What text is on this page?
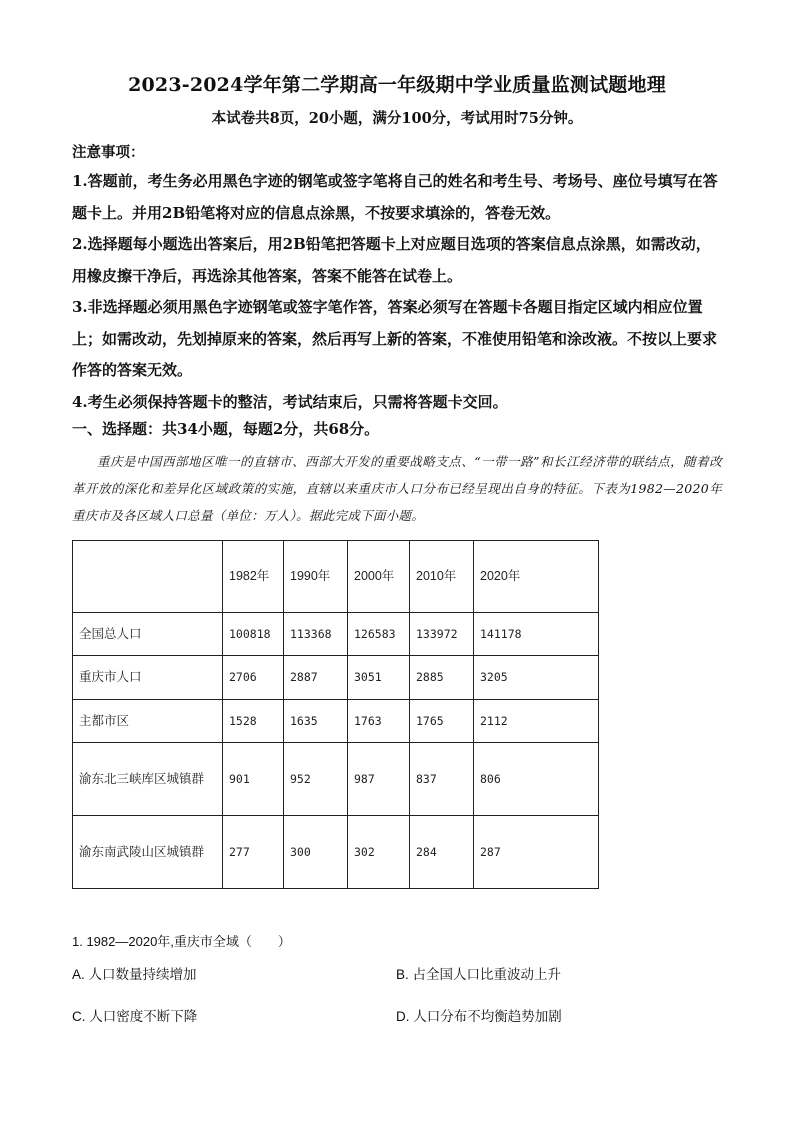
2023-2024学年第二学期高一年级期中学业质量监测试题地理
本试卷共8页，20小题，满分100分，考试用时75分钟。
注意事项：

1.答题前，考生务必用黑色字迹的钢笔或签字笔将自己的姓名和考生号、考场号、座位号填写在答题卡上。并用2B铅笔将对应的信息点涂黑，不按要求填涂的，答卷无效。

2.选择题每小题选出答案后，用2B铅笔把答题卡上对应题目选项的答案信息点涂黑，如需改动，用橡皮擦干净后，再选涂其他答案，答案不能答在试卷上。

3.非选择题必须用黑色字迹钢笔或签字笔作答，答案必须写在答题卡各题目指定区域内相应位置上；如需改动，先划掉原来的答案，然后再写上新的答案，不准使用铅笔和涂改液。不按以上要求作答的答案无效。

4.考生必须保持答题卡的整洁，考试结束后，只需将答题卡交回。

一、选择题：共34小题，每题2分，共68分。
重庆是中国西部地区唯一的直辖市、西部大开发的重要战略支点、“一带一路”和长江经济带的联结点，随着改革开放的深化和差异化区域政策的实施，直辖以来重庆市人口分布已经呈现出自身的特征。下表为1982—2020年重庆市及各区域人口总量（单位：万人）。据此完成下面小题。
	1982年	1990年	2000年	2010年	2020年
全国总人口	100818	113368	126583	133972	141178
重庆市人口	2706	2887	3051	2885	3205
主都市区	1528	1635	1763	1765	2112
渝东北三峡库区城镇群	901	952	987	837	806
渝东南武陵山区城镇群	277	300	302	284	287
1. 1982—2020年,重庆市全域（　　）
A. 人口数量持续增加	B. 占全国人口比重波动上升
C. 人口密度不断下降	D. 人口分布不均衡趋势加剧
